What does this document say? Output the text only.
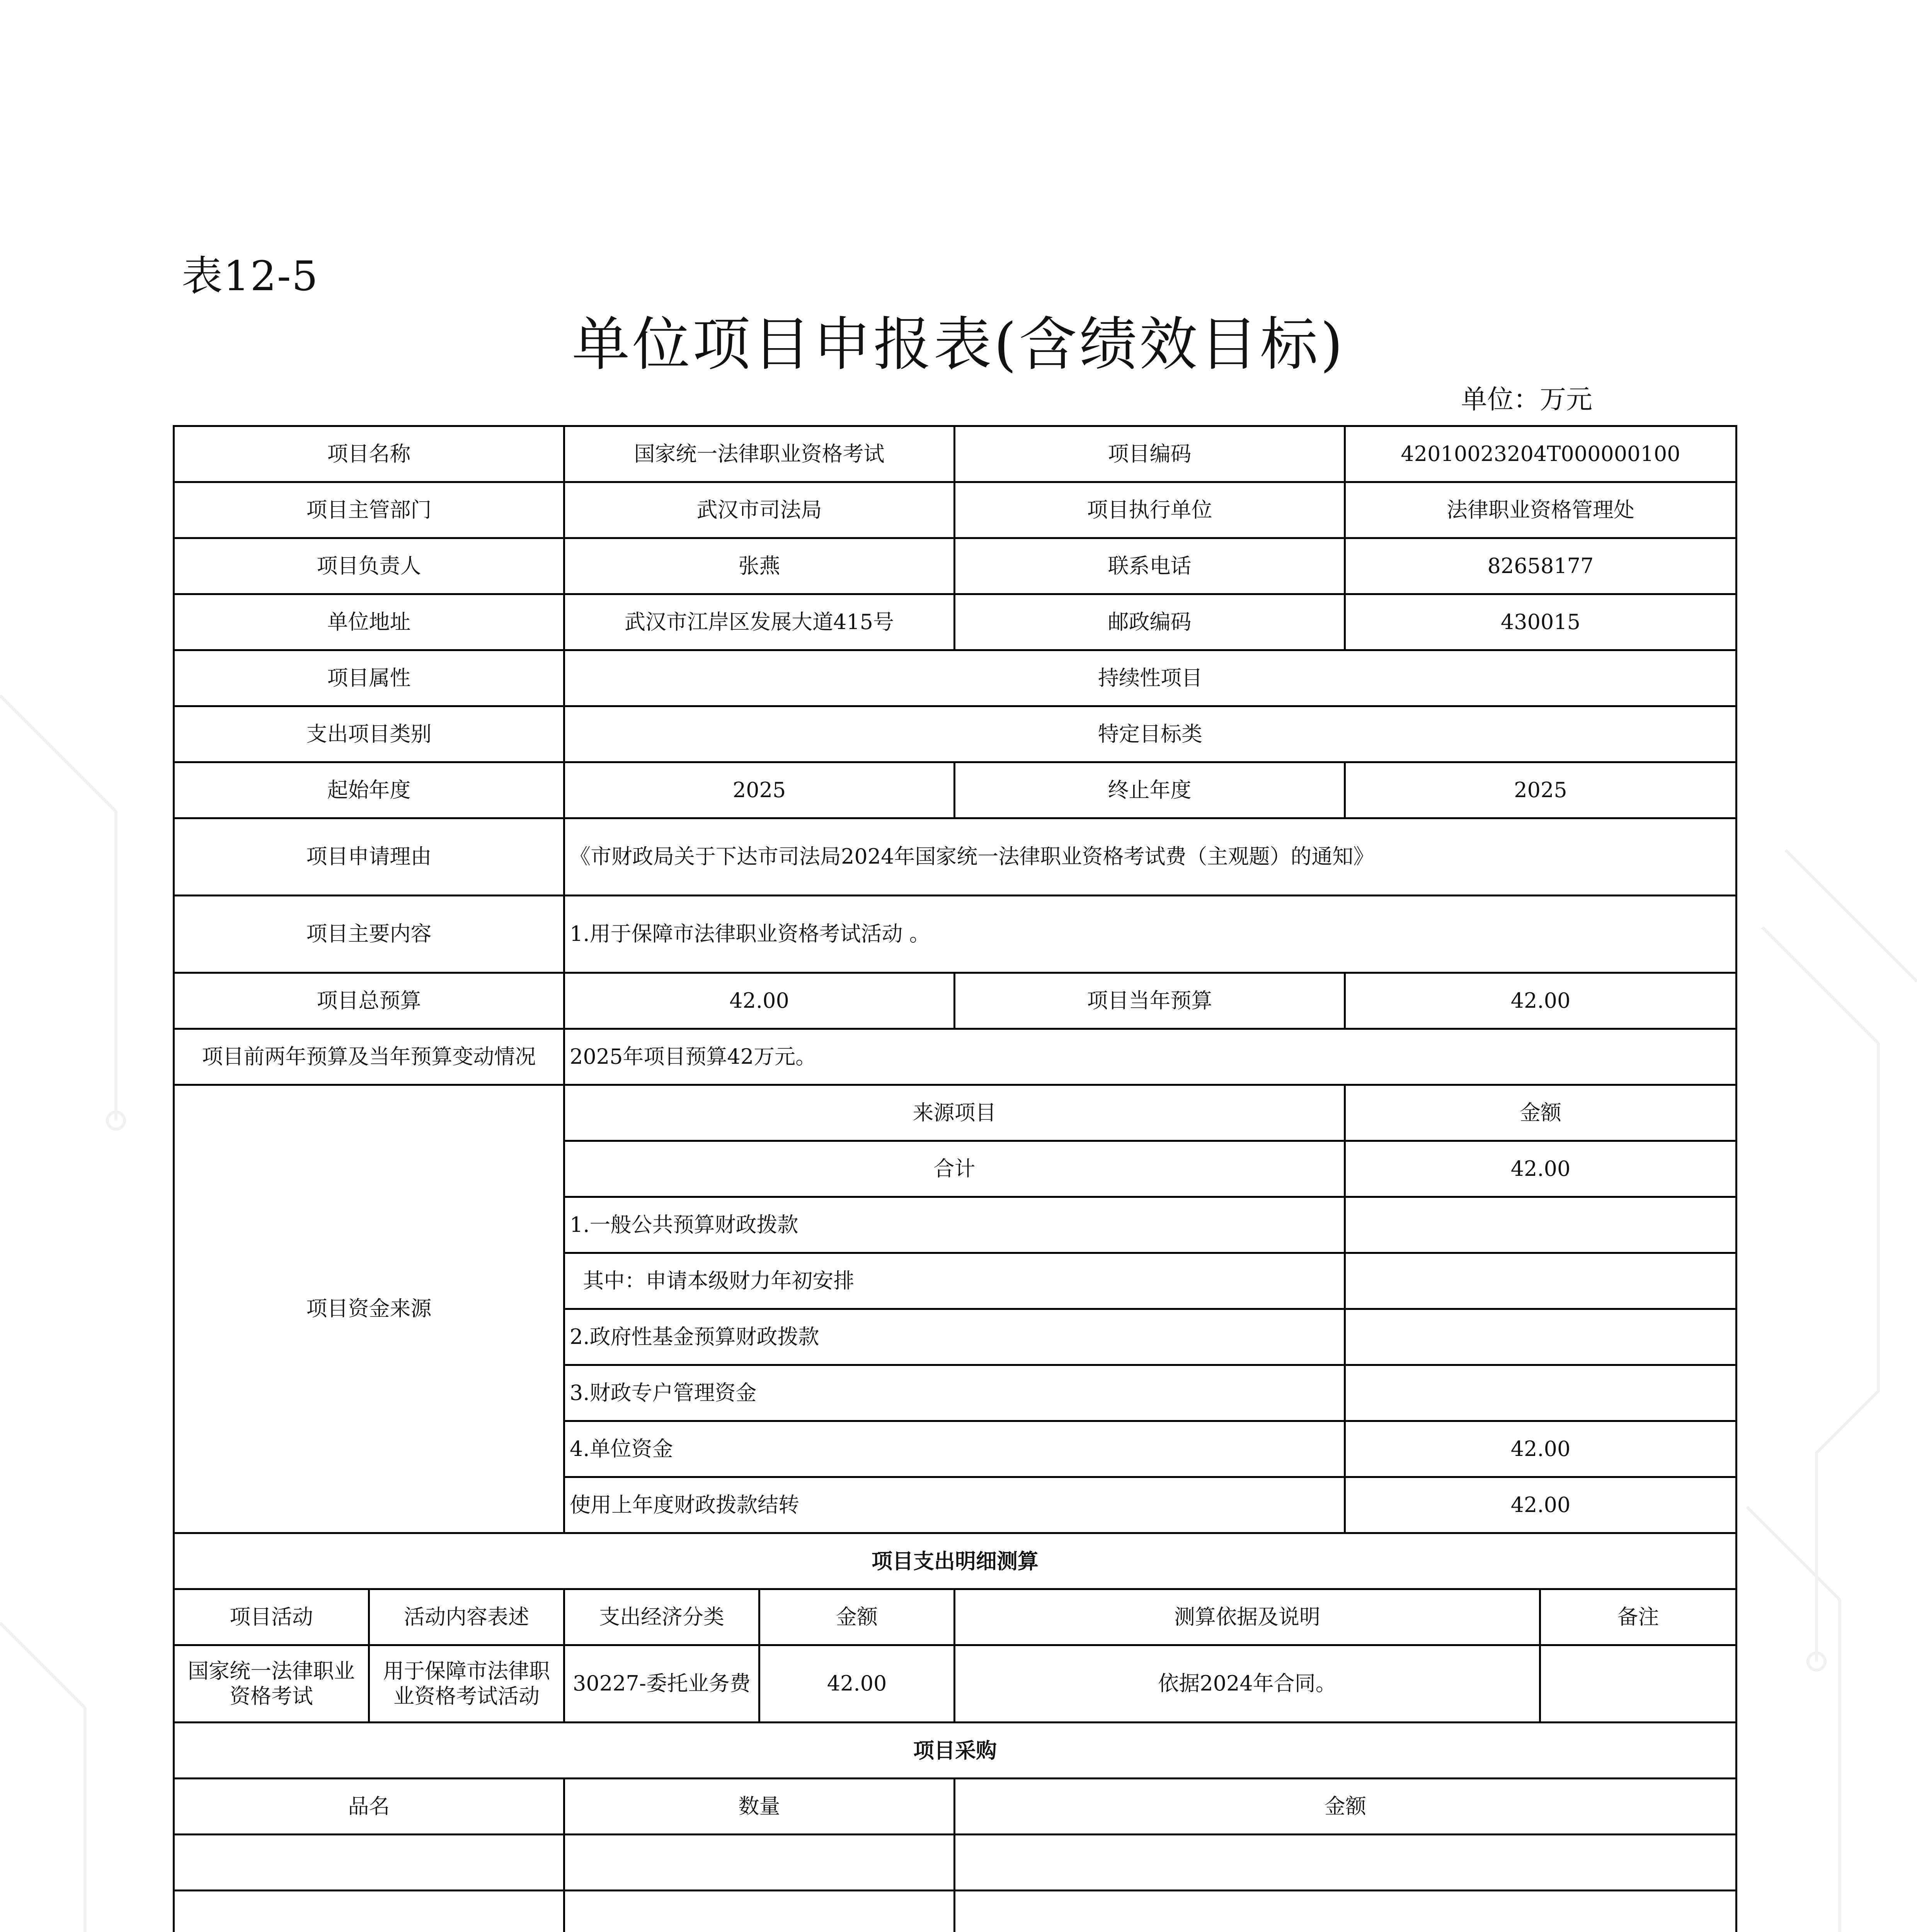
表12-5
单位项目申报表(含绩效目标)
单位：万元
项目名称		国家统一法律职业资格考试		项目编码		42010023204T000000100	
项目主管部门		武汉市司法局		项目执行单位		法律职业资格管理处	
项目负责人		张燕		联系电话		82658177	
单位地址		武汉市江岸区发展大道415号		邮政编码		430015	
项目属性		持续性项目					
支出项目类别		特定目标类					
起始年度		2025		终止年度		2025	
项目申请理由		《市财政局关于下达市司法局2024年国家统一法律职业资格考试费（主观题）的通知》					
项目主要内容		1.用于保障市法律职业资格考试活动 。					
项目总预算		42.00		项目当年预算		42.00	
项目前两年预算及当年预算变动情况		2025年项目预算42万元。					
项目资金来源		来源项目				金额	
		合计				42.00	
		1.一般公共预算财政拨款					
		其中：申请本级财力年初安排					
		2.政府性基金预算财政拨款					
		3.财政专户管理资金					
		4.单位资金				42.00	
		使用上年度财政拨款结转				42.00	
项目支出明细测算							
项目活动	活动内容表述	支出经济分类	金额	测算依据及说明			备注
国家统一法律职业资格考试	用于保障市法律职业资格考试活动	30227-委托业务费	42.00	依据2024年合同。			
项目采购							
品名		数量		金额			
